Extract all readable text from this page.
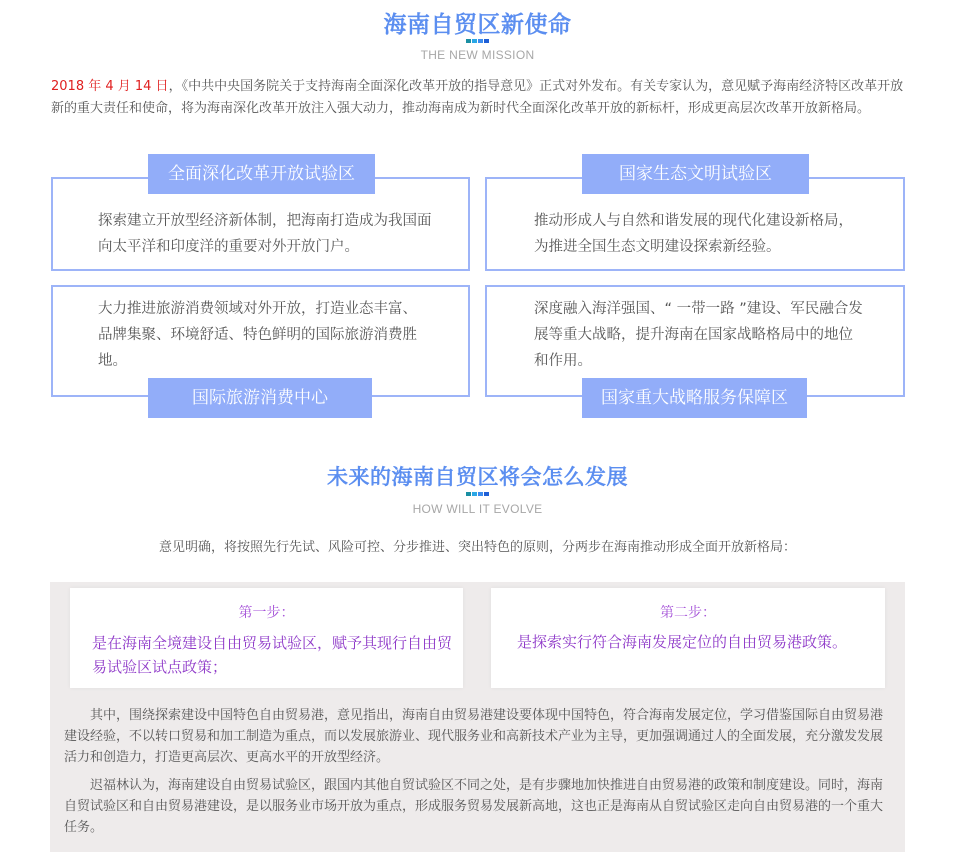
海南自贸区新使命
THE NEW MISSION

2018 年 4 月 14 日，《中共中央国务院关于支持海南全面深化改革开放的指导意见》正式对外发布。有关专家认为，意见赋予海南经济特区改革开放新的重大责任和使命，将为海南深化改革开放注入强大动力，推动海南成为新时代全面深化改革开放的新标杆，形成更高层次改革开放新格局。

全面深化改革开放试验区
探索建立开放型经济新体制，把海南打造成为我国面向太平洋和印度洋的重要对外开放门户。
国家生态文明试验区
推动形成人与自然和谐发展的现代化建设新格局，为推进全国生态文明建设探索新经验。
国际旅游消费中心
大力推进旅游消费领域对外开放，打造业态丰富、品牌集聚、环境舒适、特色鲜明的国际旅游消费胜地。
国家重大战略服务保障区
深度融入海洋强国、“ 一带一路 ”建设、军民融合发展等重大战略，提升海南在国家战略格局中的地位和作用。
未来的海南自贸区将会怎么发展
HOW WILL IT EVOLVE

意见明确，将按照先行先试、风险可控、分步推进、突出特色的原则，分两步在海南推动形成全面开放新格局：

第一步：
是在海南全境建设自由贸易试验区，赋予其现行自由贸易试验区试点政策；
第二步：
是探索实行符合海南发展定位的自由贸易港政策。

其中，围绕探索建设中国特色自由贸易港，意见指出，海南自由贸易港建设要体现中国特色，符合海南发展定位，学习借鉴国际自由贸易港建设经验，不以转口贸易和加工制造为重点，而以发展旅游业、现代服务业和高新技术产业为主导，更加强调通过人的全面发展，充分激发发展活力和创造力，打造更高层次、更高水平的开放型经济。

迟福林认为，海南建设自由贸易试验区，跟国内其他自贸试验区不同之处，是有步骤地加快推进自由贸易港的政策和制度建设。同时，海南自贸试验区和自由贸易港建设，是以服务业市场开放为重点，形成服务贸易发展新高地，这也正是海南从自贸试验区走向自由贸易港的一个重大任务。
